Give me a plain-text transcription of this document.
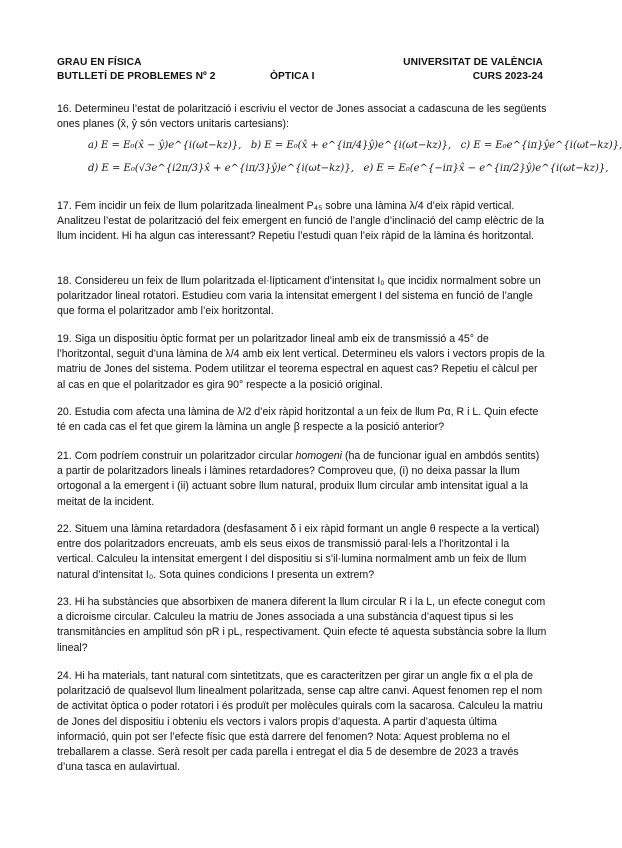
GRAU EN FÍSICA
BUTLLETÍ DE PROBLEMES Nº 2	ÒPTICA I
UNIVERSITAT DE VALÈNCIA
CURS 2023-24

16. Determineu l’estat de polarització i escriviu el vector de Jones associat a cadascuna de les següents ones planes (x̂, ŷ són vectors unitaris cartesians):

a) E = E₀(x̂ − ŷ)e^{i(ωt−kz)}, b) E = E₀(x̂ + e^{iπ/4}ŷ)e^{i(ωt−kz)}, c) E = E₀e^{iπ}ŷe^{i(ωt−kz)},
d) E = E₀(√3e^{i2π/3}x̂ + e^{iπ/3}ŷ)e^{i(ωt−kz)}, e) E = E₀(e^{−iπ}x̂ − e^{iπ/2}ŷ)e^{i(ωt−kz)},

17. Fem incidir un feix de llum polaritzada linealment P₄₅ sobre una làmina λ/4 d’eix ràpid vertical. Analitzeu l’estat de polarització del feix emergent en funció de l’angle d’inclinació del camp elèctric de la llum incident. Hi ha algun cas interessant? Repetiu l’estudi quan l’eix ràpid de la làmina és horitzontal.

18. Considereu un feix de llum polaritzada el·lípticament d’intensitat I₀ que incidix normalment sobre un polaritzador lineal rotatori. Estudieu com varia la intensitat emergent I del sistema en funció de l’angle que forma el polaritzador amb l’eix horitzontal.

19. Siga un dispositiu òptic format per un polaritzador lineal amb eix de transmissió a 45° de l’horitzontal, seguit d’una làmina de λ/4 amb eix lent vertical. Determineu els valors i vectors propis de la matriu de Jones del sistema. Podem utilitzar el teorema espectral en aquest cas? Repetiu el càlcul per al cas en que el polaritzador es gira 90° respecte a la posició original.

20. Estudia com afecta una làmina de λ/2 d’eix ràpid horitzontal a un feix de llum Pα, R i L. Quin efecte té en cada cas el fet que girem la làmina un angle β respecte a la posició anterior?

21. Com podríem construir un polaritzador circular homogeni (ha de funcionar igual en ambdós sentits) a partir de polaritzadors lineals i làmines retardadores? Comproveu que, (i) no deixa passar la llum ortogonal a la emergent i (ii) actuant sobre llum natural, produix llum circular amb intensitat igual a la meitat de la incident.

22. Situem una làmina retardadora (desfasament δ i eix ràpid formant un angle θ respecte a la vertical) entre dos polaritzadors encreuats, amb els seus eixos de transmissió paral·lels a l’horitzontal i la vertical. Calculeu la intensitat emergent I del dispositiu si s’il·lumina normalment amb un feix de llum natural d’intensitat I₀. Sota quines condicions I presenta un extrem?

23. Hi ha substàncies que absorbixen de manera diferent la llum circular R i la L, un efecte conegut com a dicroisme circular. Calculeu la matriu de Jones associada a una substància d’aquest tipus si les transmitàncies en amplitud són pR i pL, respectivament. Quin efecte té aquesta substància sobre la llum lineal?

24. Hi ha materials, tant natural com sintetitzats, que es caracteritzen per girar un angle fix α el pla de polarització de qualsevol llum linealment polaritzada, sense cap altre canvi. Aquest fenomen rep el nom de activitat òptica o poder rotatori i és produït per molècules quirals com la sacarosa. Calculeu la matriu de Jones del dispositiu i obteniu els vectors i valors propis d’aquesta. A partir d’aquesta última informació, quin pot ser l’efecte físic que està darrere del fenomen? Nota: Aquest problema no el treballarem a classe. Serà resolt per cada parella i entregat el dia 5 de desembre de 2023 a través d’una tasca en aulavirtual.
